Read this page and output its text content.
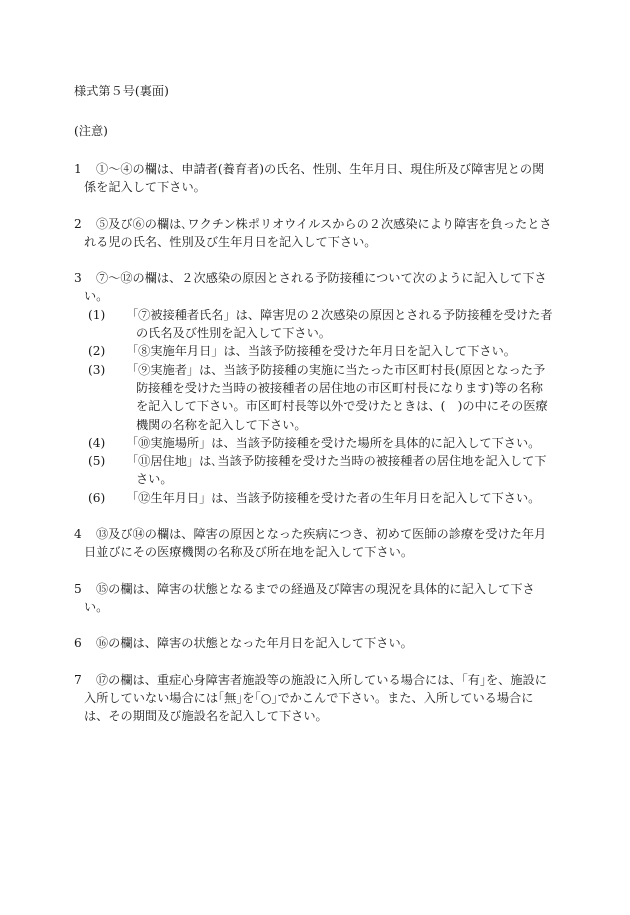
様式第５号(裏面)
(注意)
1 ①～④の欄は、申請者(養育者)の氏名、性別、生年月日、現住所及び障害児との関係を記入して下さい。
2 ⑤及び⑥の欄は､ワクチン株ポリオウイルスからの２次感染により障害を負ったとされる児の氏名、性別及び生年月日を記入して下さい。
3 ⑦～⑫の欄は、２次感染の原因とされる予防接種について次のように記入して下さい。
(1)	「⑦被接種者氏名」は、障害児の２次感染の原因とされる予防接種を受けた者の氏名及び性別を記入して下さい。
(2)	「⑧実施年月日」は、当該予防接種を受けた年月日を記入して下さい。
(3)	「⑨実施者」は、当該予防接種の実施に当たった市区町村長(原因となった予防接種を受けた当時の被接種者の居住地の市区町村長になります)等の名称を記入して下さい。市区町村長等以外で受けたときは、(　)の中にその医療機関の名称を記入して下さい。
(4)	「⑩実施場所」は、当該予防接種を受けた場所を具体的に記入して下さい。
(5)	「⑪居住地」は､当該予防接種を受けた当時の被接種者の居住地を記入して下さい。
(6)	「⑫生年月日」は、当該予防接種を受けた者の生年月日を記入して下さい。
4 ⑬及び⑭の欄は、障害の原因となった疾病につき、初めて医師の診療を受けた年月日並びにその医療機関の名称及び所在地を記入して下さい。
5 ⑮の欄は、障害の状態となるまでの経過及び障害の現況を具体的に記入して下さい。
6 ⑯の欄は、障害の状態となった年月日を記入して下さい。
7 ⑰の欄は、重症心身障害者施設等の施設に入所している場合には、｢有｣を、施設に入所していない場合には｢無｣を｢○｣でかこんで下さい。また、入所している場合には、その期間及び施設名を記入して下さい。
